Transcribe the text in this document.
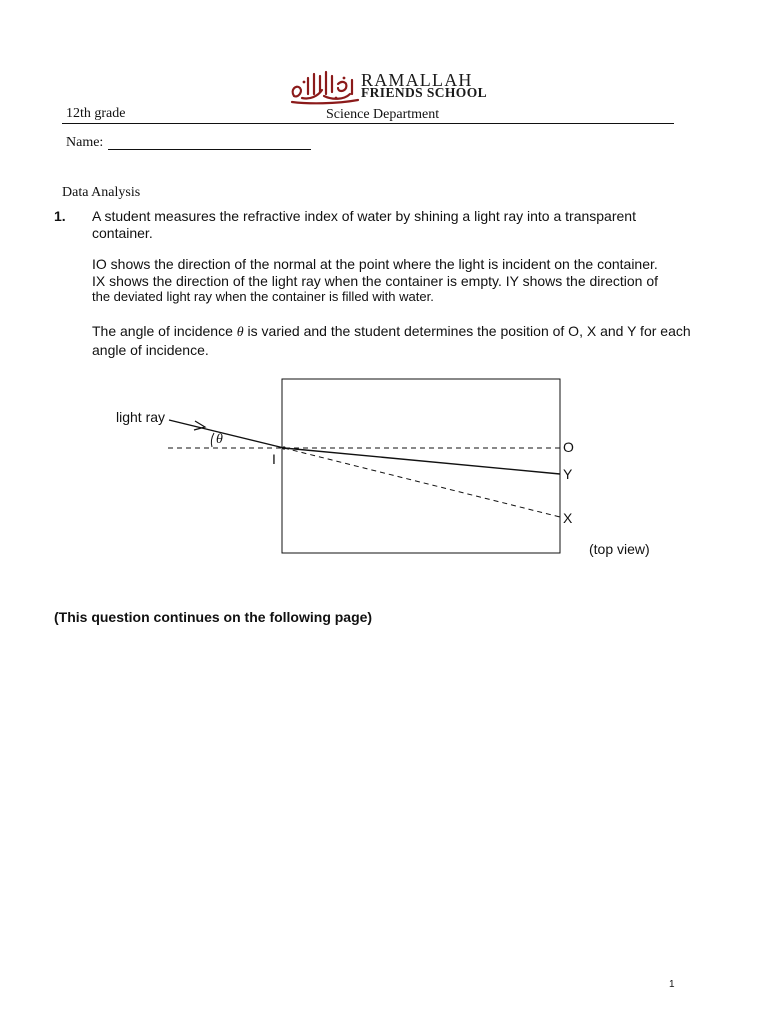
RAMALLAH
FRIENDS SCHOOL
12th grade	Science Department
Name:
Data Analysis
1. A student measures the refractive index of water by shining a light ray into a transparent container.
IO shows the direction of the normal at the point where the light is incident on the container.
IX shows the direction of the light ray when the container is empty. IY shows the direction of
the deviated light ray when the container is filled with water.
The angle of incidence θ is varied and the student determines the position of O, X and Y for each angle of incidence.
light ray
θ
I
O
Y
X
(top view)
(This question continues on the following page)
1
